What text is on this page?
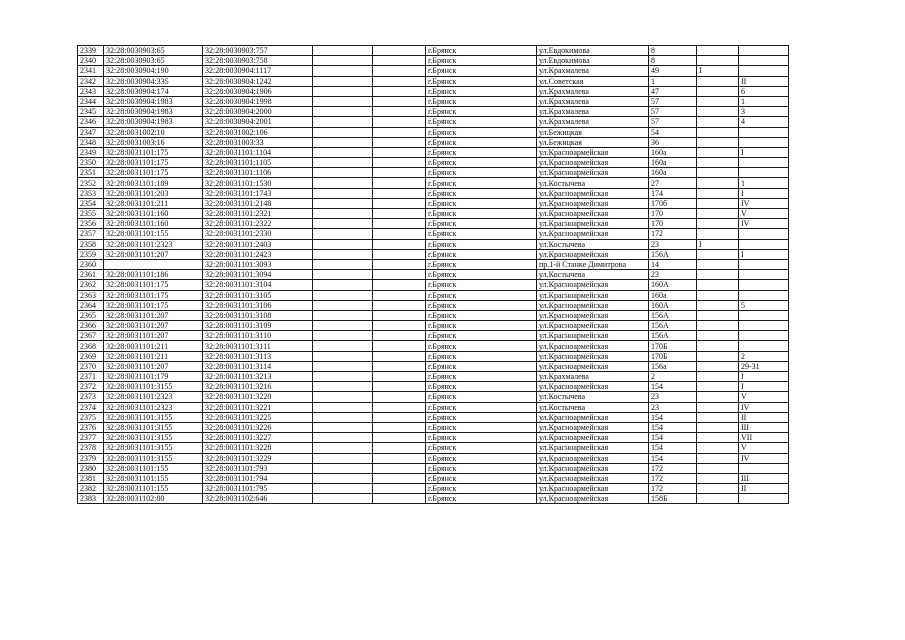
2339	32:28:0030903:65	32:28:0030903:757			г.Брянск	ул.Евдокимова	8		
2340	32:28:0030903:65	32:28:0030903:758			г.Брянск	ул.Евдокимова	8		
2341	32:28:0030904:190	32:28:0030904:1117			г.Брянск	ул.Крахмалева	49	I	
2342	32:28:0030904:335	32:28:0030904:1242			г.Брянск	ул.Советская	1		II
2343	32:28:0030904:174	32:28:0030904:1906			г.Брянск	ул.Крахмалева	47		6
2344	32:28:0030904:1983	32:28:0030904:1998			г.Брянск	ул.Крахмалева	57		1
2345	32:28:0030904:1983	32:28:0030904:2000			г.Брянск	ул.Крахмалева	57		3
2346	32:28:0030904:1983	32:28:0030904:2001			г.Брянск	ул.Крахмалева	57		4
2347	32:28:0031002:10	32:28:0031002:106			г.Брянск	ул.Бежицкая	54		
2348	32:28:0031003:16	32:28:0031003:33			г.Брянск	ул.Бежицкая	36		
2349	32:28:0031101:175	32:28:0031101:1104			г.Брянск	ул.Красноармейская	160а		I
2350	32:28:0031101:175	32:28:0031101:1105			г.Брянск	ул.Красноармейская	160а		
2351	32:28:0031101:175	32:28:0031101:1106			г.Брянск	ул.Красноармейская	160а		
2352	32:28:0031101:189	32:28:0031101:1530			г.Брянск	ул.Костычева	27		1
2353	32:28:0031101:203	32:28:0031101:1743			г.Брянск	ул.Красноармейская	174		I
2354	32:28:0031101:211	32:28:0031101:2148			г.Брянск	ул.Красноармейская	170б		IV
2355	32:28:0031101:160	32:28:0031101:2321			г.Брянск	ул.Красноармейская	170		V
2356	32:28:0031101:160	32:28:0031101:2322			г.Брянск	ул.Красноармейская	170		IV
2357	32:28:0031101:155	32:28:0031101:2330			г.Брянск	ул.Красноармейская	172		
2358	32:28:0031101:2323	32:28:0031101:2403			г.Брянск	ул.Костычева	23	I	
2359	32:28:0031101:207	32:28:0031101:2423			г.Брянск	ул.Красноармейская	156А		I
2360		32:28:0031101:3093			г.Брянск	пр.1-й Станке Димитрова	14		
2361	32:28:0031101:186	32:28:0031101:3094			г.Брянск	ул.Костычева	23		
2362	32:28:0031101:175	32:28:0031101:3104			г.Брянск	ул.Красноармейская	160А		
2363	32:28:0031101:175	32:28:0031101:3105			г.Брянск	ул.Красноармейская	160а		
2364	32:28:0031101:175	32:28:0031101:3106			г.Брянск	ул.Красноармейская	160А		5
2365	32:28:0031101:207	32:28:0031101:3108			г.Брянск	ул.Красноармейская	156А		
2366	32:28:0031101:207	32:28:0031101:3109			г.Брянск	ул.Красноармейская	156А		
2367	32:28:0031101:207	32:28:0031101:3110			г.Брянск	ул.Красноармейская	156А		
2368	32:28:0031101:211	32:28:0031101:3111			г.Брянск	ул.Красноармейская	170Б		
2369	32:28:0031101:211	32:28:0031101:3113			г.Брянск	ул.Красноармейская	170Б		2
2370	32:28:0031101:207	32:28:0031101:3114			г.Брянск	ул.Красноармейская	156а		29-31
2371	32:28:0031101:179	32:28:0031101:3213			г.Брянск	ул.Крахмалева	2		I
2372	32:28:0031101:3155	32:28:0031101:3216			г.Брянск	ул.Красноармейская	154		I
2373	32:28:0031101:2323	32:28:0031101:3220			г.Брянск	ул.Костычева	23		V
2374	32:28:0031101:2323	32:28:0031101:3221			г.Брянск	ул.Костычева	23		IV
2375	32:28:0031101:3155	32:28:0031101:3225			г.Брянск	ул.Красноармейская	154		II
2376	32:28:0031101:3155	32:28:0031101:3226			г.Брянск	ул.Красноармейская	154		III
2377	32:28:0031101:3155	32:28:0031101:3227			г.Брянск	ул.Красноармейская	154		VII
2378	32:28:0031101:3155	32:28:0031101:3228			г.Брянск	ул.Красноармейская	154		V
2379	32:28:0031101:3155	32:28:0031101:3229			г.Брянск	ул.Красноармейская	154		IV
2380	32:28:0031101:155	32:28:0031101:793			г.Брянск	ул.Красноармейская	172		
2381	32:28:0031101:155	32:28:0031101:794			г.Брянск	ул.Красноармейская	172		III
2382	32:28:0031101:155	32:28:0031101:795			г.Брянск	ул.Красноармейская	172		II
2383	32:28:0031102:80	32:28:0031102:646			г.Брянск	ул.Красноармейская	158Б		
